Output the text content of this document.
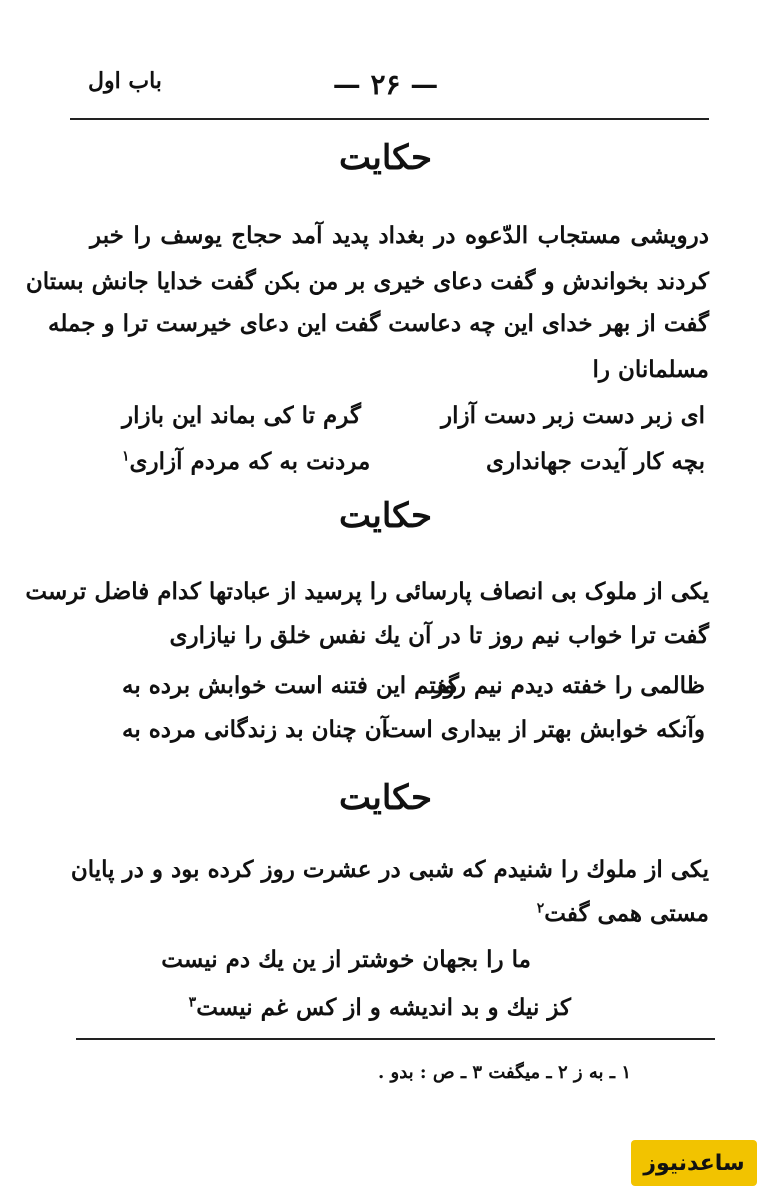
— ۲۶ —
باب اول
حکایت
درویشی مستجاب الدّعوه در بغداد پدید آمد حجاج یوسف را خبر
کردند بخواندش و گفت دعای خیری بر من بکن گفت خدایا جانش بستان
گفت از بهر خدای این چه دعاست گفت این دعای خیرست ترا و جمله
مسلمانان را
ای زبر دست زبر دست آزار
گرم تا کی بماند این بازار
بچه کار آیدت جهانداری
مردنت به که مردم آزاری$^۱$
حکایت
یکی از ملوک بی انصاف پارسائی را پرسید از عبادتها کدام فاضل ترست
گفت ترا خواب نیم روز تا در آن یك نفس خلق را نیازاری
ظالمی را خفته دیدم نیم روز
گفتم این فتنه است خوابش برده به
وآنکه خوابش بهتر از بیداری است
آن چنان بد زندگانی مرده به
حکایت
یکی از ملوك را شنیدم که شبی در عشرت روز کرده بود و در پایان
مستی همی گفت$^۲$
ما را بجهان خوشتر از ین یك دم نیست
کز نیك و بد اندیشه و از کس غم نیست$^۳$
۱ ـ به ز ۲ ـ میگفت ۳ ـ ص : بدو .
ساعدنیوز
